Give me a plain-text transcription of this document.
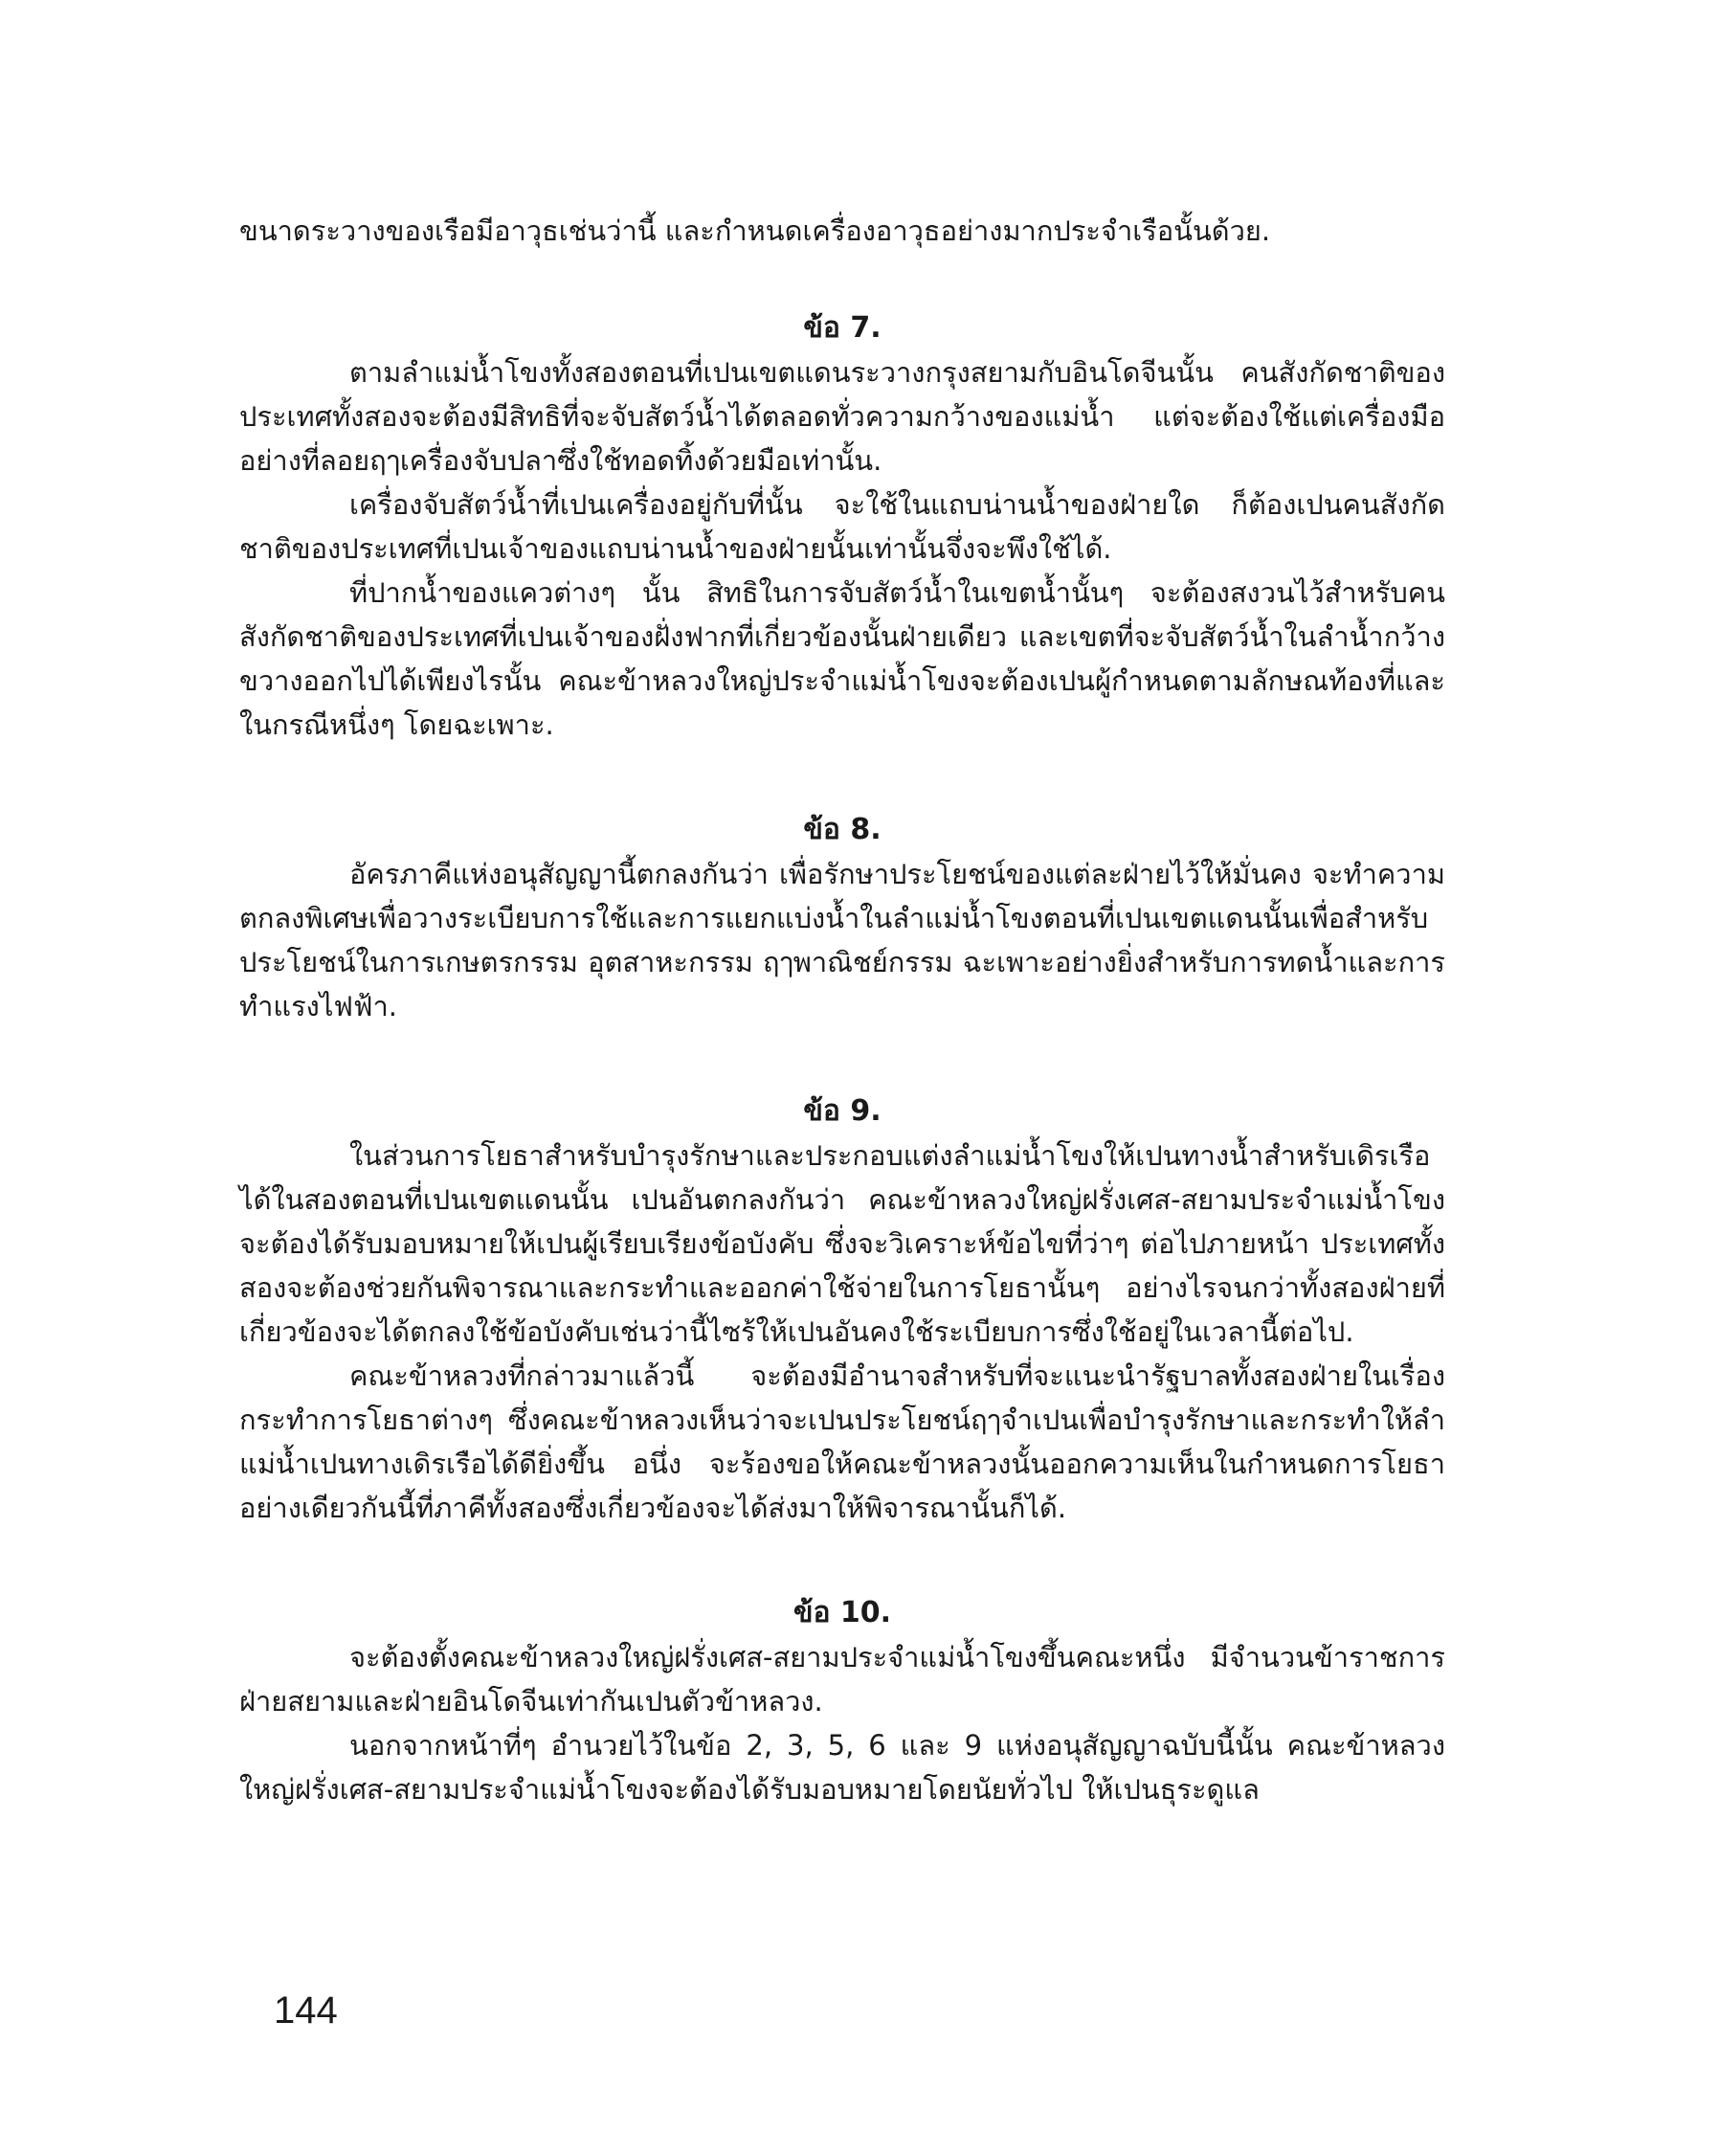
ขนาดระวางของเรือมีอาวุธเช่นว่านี้ และกำหนดเครื่องอาวุธอย่างมากประจำเรือนั้นด้วย.

ข้อ 7.

ตามลำแม่น้ำโขงทั้งสองตอนที่เปนเขตแดนระวางกรุงสยามกับอินโดจีนนั้น คนสังกัดชาติของประเทศทั้งสองจะต้องมีสิทธิที่จะจับสัตว์น้ำได้ตลอดทั่วความกว้างของแม่น้ำ แต่จะต้องใช้แต่เครื่องมืออย่างที่ลอยฤๅเครื่องจับปลาซึ่งใช้ทอดทิ้งด้วยมือเท่านั้น.

เครื่องจับสัตว์น้ำที่เปนเครื่องอยู่กับที่นั้น จะใช้ในแถบน่านน้ำของฝ่ายใด ก็ต้องเปนคนสังกัดชาติของประเทศที่เปนเจ้าของแถบน่านน้ำของฝ่ายนั้นเท่านั้นจึ่งจะพึงใช้ได้.

ที่ปากน้ำของแควต่างๆ นั้น สิทธิในการจับสัตว์น้ำในเขตน้ำนั้นๆ จะต้องสงวนไว้สำหรับคนสังกัดชาติของประเทศที่เปนเจ้าของฝั่งฟากที่เกี่ยวข้องนั้นฝ่ายเดียว และเขตที่จะจับสัตว์น้ำในลำน้ำกว้างขวางออกไปได้เพียงไรนั้น คณะข้าหลวงใหญ่ประจำแม่น้ำโขงจะต้องเปนผู้กำหนดตามลักษณท้องที่และในกรณีหนึ่งๆ โดยฉะเพาะ.

ข้อ 8.

อัครภาคีแห่งอนุสัญญานี้ตกลงกันว่า เพื่อรักษาประโยชน์ของแต่ละฝ่ายไว้ให้มั่นคง จะทำความตกลงพิเศษเพื่อวางระเบียบการใช้และการแยกแบ่งน้ำในลำแม่น้ำโขงตอนที่เปนเขตแดนนั้นเพื่อสำหรับประโยชน์ในการเกษตรกรรม อุตสาหะกรรม ฤๅพาณิชย์กรรม ฉะเพาะอย่างยิ่งสำหรับการทดน้ำและการทำแรงไฟฟ้า.

ข้อ 9.

ในส่วนการโยธาสำหรับบำรุงรักษาและประกอบแต่งลำแม่น้ำโขงให้เปนทางน้ำสำหรับเดิรเรือได้ในสองตอนที่เปนเขตแดนนั้น เปนอันตกลงกันว่า คณะข้าหลวงใหญ่ฝรั่งเศส-สยามประจำแม่น้ำโขง จะต้องได้รับมอบหมายให้เปนผู้เรียบเรียงข้อบังคับ ซึ่งจะวิเคราะห์ข้อไขที่ว่าๆ ต่อไปภายหน้า ประเทศทั้งสองจะต้องช่วยกันพิจารณาและกระทำและออกค่าใช้จ่ายในการโยธานั้นๆ อย่างไรจนกว่าทั้งสองฝ่ายที่เกี่ยวข้องจะได้ตกลงใช้ข้อบังคับเช่นว่านี้ไซร้ให้เปนอันคงใช้ระเบียบการซึ่งใช้อยู่ในเวลานี้ต่อไป.

คณะข้าหลวงที่กล่าวมาแล้วนี้ จะต้องมีอำนาจสำหรับที่จะแนะนำรัฐบาลทั้งสองฝ่ายในเรื่องกระทำการโยธาต่างๆ ซึ่งคณะข้าหลวงเห็นว่าจะเปนประโยชน์ฤๅจำเปนเพื่อบำรุงรักษาและกระทำให้ลำแม่น้ำเปนทางเดิรเรือได้ดียิ่งขึ้น อนึ่ง จะร้องขอให้คณะข้าหลวงนั้นออกความเห็นในกำหนดการโยธาอย่างเดียวกันนี้ที่ภาคีทั้งสองซึ่งเกี่ยวข้องจะได้ส่งมาให้พิจารณานั้นก็ได้.

ข้อ 10.

จะต้องตั้งคณะข้าหลวงใหญ่ฝรั่งเศส-สยามประจำแม่น้ำโขงขึ้นคณะหนึ่ง มีจำนวนข้าราชการฝ่ายสยามและฝ่ายอินโดจีนเท่ากันเปนตัวข้าหลวง.

นอกจากหน้าที่ๆ อำนวยไว้ในข้อ 2, 3, 5, 6 และ 9 แห่งอนุสัญญาฉบับนี้นั้น คณะข้าหลวงใหญ่ฝรั่งเศส-สยามประจำแม่น้ำโขงจะต้องได้รับมอบหมายโดยนัยทั่วไป ให้เปนธุระดูแล

144
